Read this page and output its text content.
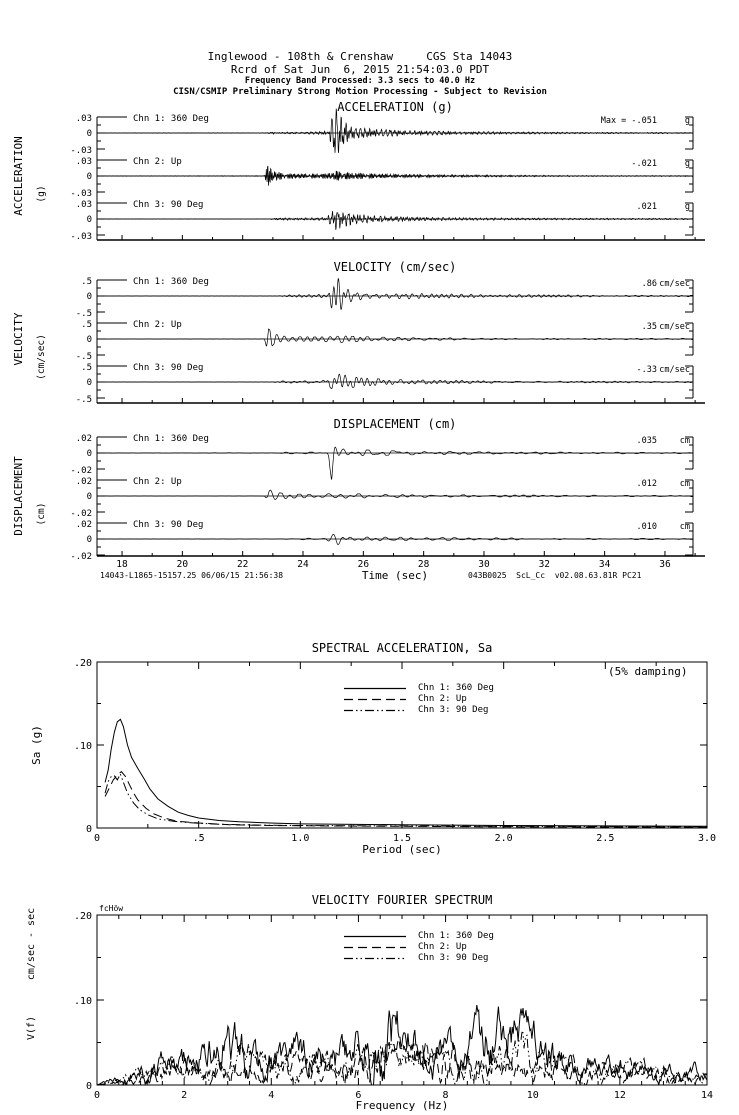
Inglewood - 108th & Crenshaw     CGS Sta 14043
Rcrd of Sat Jun  6, 2015 21:54:03.0 PDT
Frequency Band Processed: 3.3 secs to 40.0 Hz
CISN/CSMIP Preliminary Strong Motion Processing - Subject to Revision
ACCELERATION (g)
VELOCITY (cm/sec)
DISPLACEMENT (cm)
Time (sec)
14043-L1865-15157.25 06/06/15 21:56:38	043B0025  ScL_Cc  v02.08.63.81R PC21
SPECTRAL ACCELERATION, Sa
(5% damping)
Chn 1: 360 Deg
Chn 2: Up
Chn 3: 90 Deg
Period (sec)
VELOCITY FOURIER SPECTRUM
fcHöw
Chn 1: 360 Deg
Chn 2: Up
Chn 3: 90 Deg
Frequency (Hz)
ACCELERATION (g)
.03
0
-.03
Chn 1: 360 Deg	Max = -.051	g
.03
0
-.03
Chn 2: Up	-.021	g
.03
0
-.03
Chn 3: 90 Deg	.021	g
VELOCITY (cm/sec)
.5
0
-.5
Chn 1: 360 Deg	.86 cm/sec
.5
0
-.5
Chn 2: Up	.35 cm/sec
.5
0
-.5
Chn 3: 90 Deg	-.33 cm/sec
18	20	22	24	26	28	30	32	34	36
DISPLACEMENT (cm)
.02
0
-.02
Chn 1: 360 Deg	.035	cm
.02
0
-.02
Chn 2: Up	.012	cm
.02
0
-.02
Chn 3: 90 Deg	.010	cm
0	.5	1.0	1.5	2.0	2.5	3.0
0
.10
.20
Sa (g)
0	2	4	6	8	10	12	14
0
.10
.20
cm/sec - sec
V(f)
